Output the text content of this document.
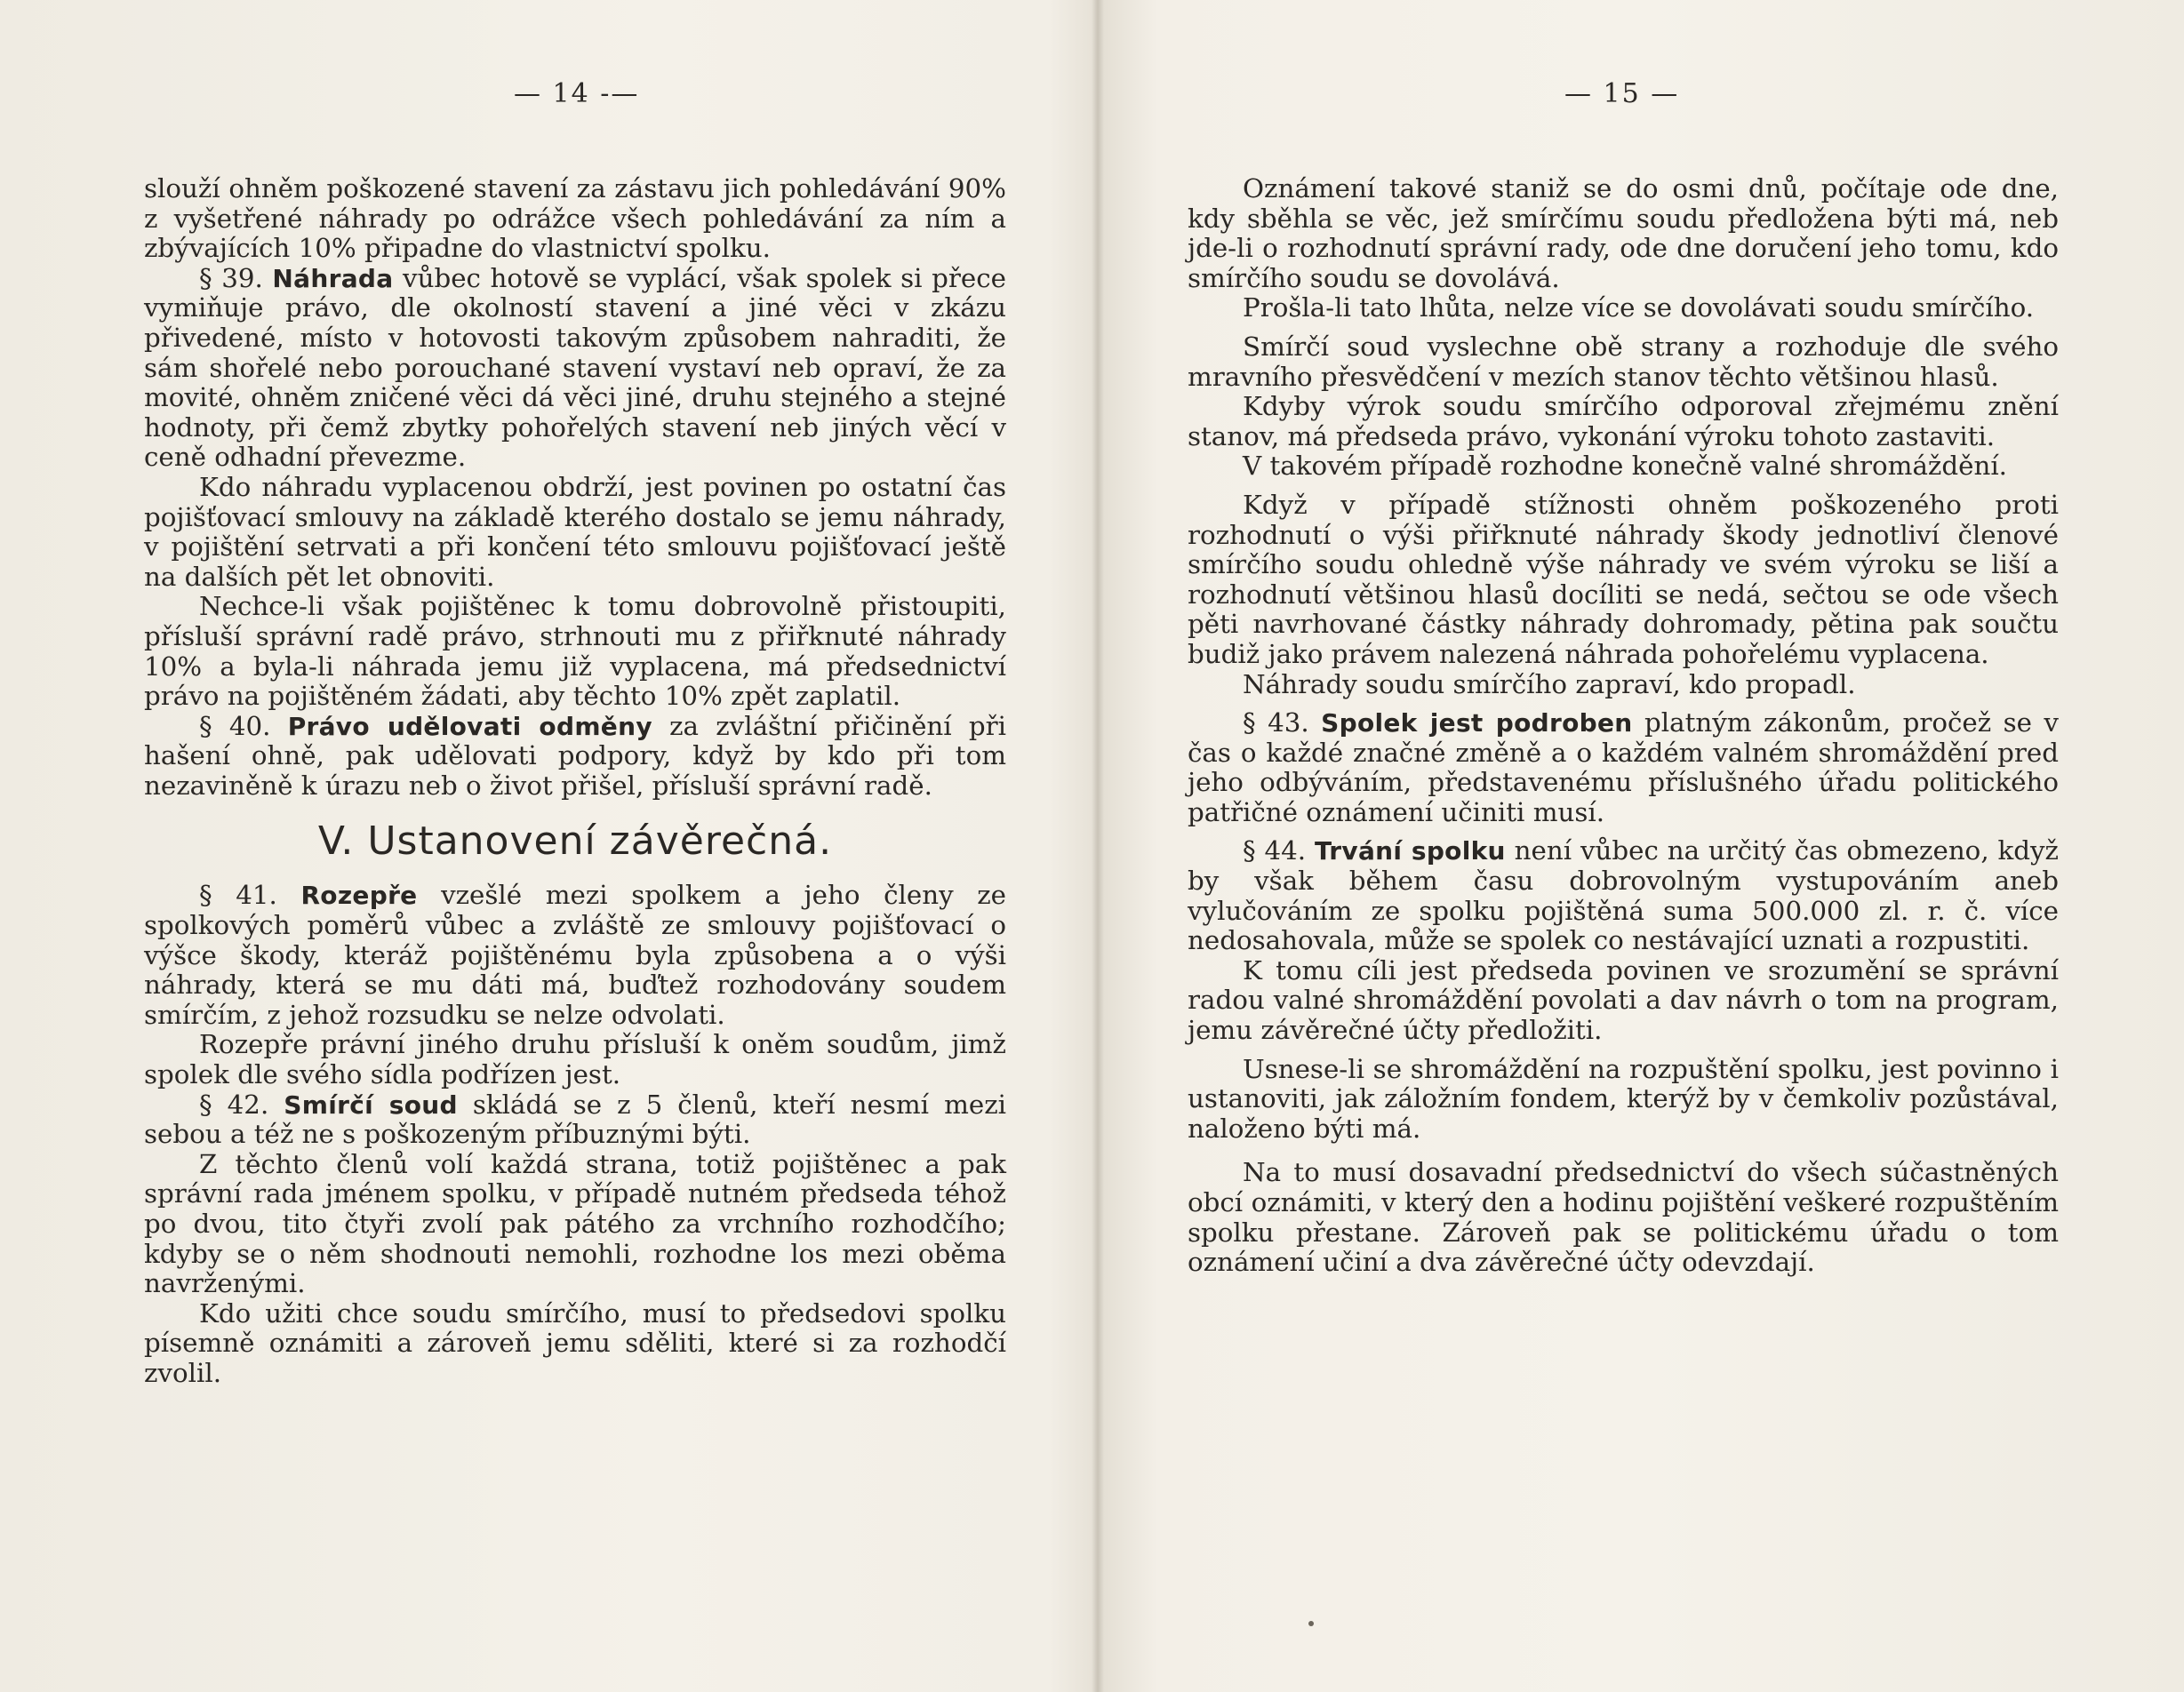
— 14 -—

slouží ohněm poškozené stavení za zástavu jich pohledávání 90% z vyšetřené náhrady po odrážce všech pohledávání za ním a zbývajících 10% připadne do vlastnictví spolku.

§ 39. Náhrada vůbec hotově se vyplácí, však spolek si přece vymiňuje právo, dle okolností stavení a jiné věci v zkázu přivedené, místo v hotovosti takovým způsobem nahraditi, že sám shořelé nebo porouchané stavení vystaví neb opraví, že za movité, ohněm zničené věci dá věci jiné, druhu stejného a stejné hodnoty, při čemž zbytky pohořelých stavení neb jiných věcí v ceně odhadní převezme.

Kdo náhradu vyplacenou obdrží, jest povinen po ostatní čas pojišťovací smlouvy na základě kterého dostalo se jemu náhrady, v pojištění setrvati a při končení této smlouvu pojišťovací ještě na dalších pět let obnoviti.

Nechce-li však pojištěnec k tomu dobrovolně přistoupiti, přísluší správní radě právo, strhnouti mu z přiřknuté náhrady 10% a byla-li náhrada jemu již vyplacena, má předsednictví právo na pojištěném žádati, aby těchto 10% zpět zaplatil.

§ 40. Právo udělovati odměny za zvláštní přičinění při hašení ohně, pak udělovati podpory, když by kdo při tom nezaviněně k úrazu neb o život přišel, přísluší správní radě.

V. Ustanovení závěrečná.

§ 41. Rozepře vzešlé mezi spolkem a jeho členy ze spolkových poměrů vůbec a zvláště ze smlouvy pojišťovací o výšce škody, kteráž pojištěnému byla způsobena a o výši náhrady, která se mu dáti má, buďtež rozhodovány soudem smírčím, z jehož rozsudku se nelze odvolati.

Rozepře právní jiného druhu přísluší k oněm soudům, jimž spolek dle svého sídla podřízen jest.

§ 42. Smírčí soud skládá se z 5 členů, kteří nesmí mezi sebou a též ne s poškozeným příbuznými býti.

Z těchto členů volí každá strana, totiž pojištěnec a pak správní rada jménem spolku, v případě nutném předseda téhož po dvou, tito čtyři zvolí pak pátého za vrchního rozhodčího; kdyby se o něm shodnouti nemohli, rozhodne los mezi oběma navrženými.

Kdo užiti chce soudu smírčího, musí to předsedovi spolku písemně oznámiti a zároveň jemu sděliti, které si za rozhodčí zvolil.

— 15 —

Oznámení takové staniž se do osmi dnů, počítaje ode dne, kdy sběhla se věc, jež smírčímu soudu předložena býti má, neb jde-li o rozhodnutí správní rady, ode dne doručení jeho tomu, kdo smírčího soudu se dovolává.

Prošla-li tato lhůta, nelze více se dovolávati soudu smírčího.

Smírčí soud vyslechne obě strany a rozhoduje dle svého mravního přesvědčení v mezích stanov těchto většinou hlasů.

Kdyby výrok soudu smírčího odporoval zřejmému znění stanov, má předseda právo, vykonání výroku tohoto zastaviti.

V takovém případě rozhodne konečně valné shromáždění.

Když v případě stížnosti ohněm poškozeného proti rozhodnutí o výši přiřknuté náhrady škody jednotliví členové smírčího soudu ohledně výše náhrady ve svém výroku se liší a rozhodnutí většinou hlasů docíliti se nedá, sečtou se ode všech pěti navrhované částky náhrady dohromady, pětina pak součtu budiž jako právem nalezená náhrada pohořelému vyplacena.

Náhrady soudu smírčího zapraví, kdo propadl.

§ 43. Spolek jest podroben platným zákonům, pročež se v čas o každé značné změně a o každém valném shromáždění pred jeho odbýváním, představenému příslušného úřadu politického patřičné oznámení učiniti musí.

§ 44. Trvání spolku není vůbec na určitý čas obmezeno, když by však během času dobrovolným vystupováním aneb vylučováním ze spolku pojištěná suma 500.000 zl. r. č. více nedosahovala, může se spolek co nestávající uznati a rozpustiti.

K tomu cíli jest předseda povinen ve srozumění se správní radou valné shromáždění povolati a dav návrh o tom na program, jemu závěrečné účty předložiti.

Usnese-li se shromáždění na rozpuštění spolku, jest povinno i ustanoviti, jak záložním fondem, kterýž by v čemkoliv pozůstával, naloženo býti má.

Na to musí dosavadní předsednictví do všech súčastněných obcí oznámiti, v který den a hodinu pojištění veškeré rozpuštěním spolku přestane. Zároveň pak se politickému úřadu o tom oznámení učiní a dva závěrečné účty odevzdají.
